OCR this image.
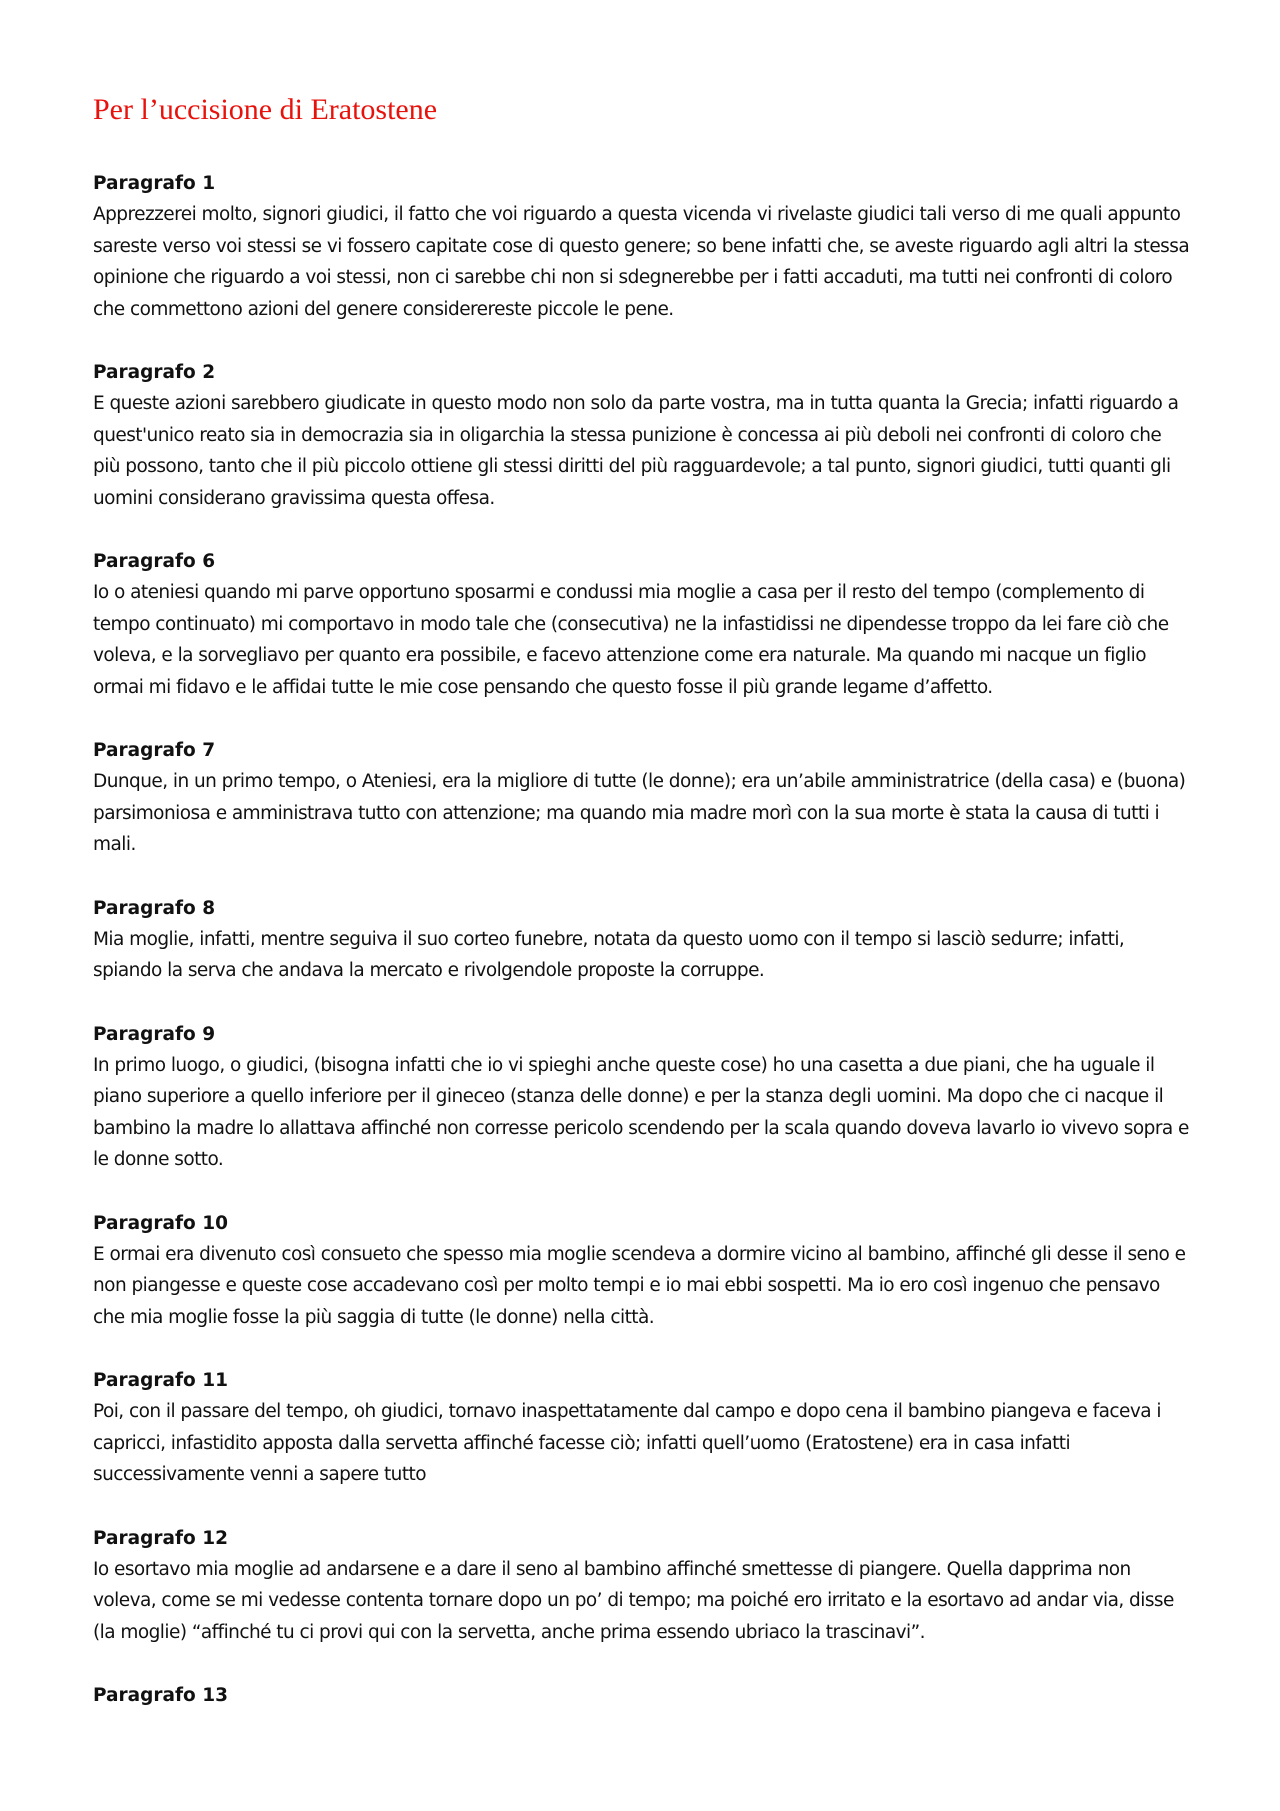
Per l’uccisione di Eratostene

Paragrafo 1

Apprezzerei molto, signori giudici, il fatto che voi riguardo a questa vicenda vi rivelaste giudici tali verso di me quali appunto sareste verso voi stessi se vi fossero capitate cose di questo genere; so bene infatti che, se aveste riguardo agli altri la stessa opinione che riguardo a voi stessi, non ci sarebbe chi non si sdegnerebbe per i fatti accaduti, ma tutti nei confronti di coloro che commettono azioni del genere considerereste piccole le pene.

Paragrafo 2

E queste azioni sarebbero giudicate in questo modo non solo da parte vostra, ma in tutta quanta la Grecia; infatti riguardo a quest'unico reato sia in democrazia sia in oligarchia la stessa punizione è concessa ai più deboli nei confronti di coloro che più possono, tanto che il più piccolo ottiene gli stessi diritti del più ragguardevole; a tal punto, signori giudici, tutti quanti gli uomini considerano gravissima questa offesa.

Paragrafo 6

Io o ateniesi quando mi parve opportuno sposarmi e condussi mia moglie a casa per il resto del tempo (complemento di tempo continuato) mi comportavo in modo tale che (consecutiva) ne la infastidissi ne dipendesse troppo da lei fare ciò che voleva, e la sorvegliavo per quanto era possibile, e facevo attenzione come era naturale. Ma quando mi nacque un figlio ormai mi fidavo e le affidai tutte le mie cose pensando che questo fosse il più grande legame d’affetto.

Paragrafo 7

Dunque, in un primo tempo, o Ateniesi, era la migliore di tutte (le donne); era un’abile amministratrice (della casa) e (buona) parsimoniosa e amministrava tutto con attenzione; ma quando mia madre morì con la sua morte è stata la causa di tutti i mali.

Paragrafo 8

Mia moglie, infatti, mentre seguiva il suo corteo funebre, notata da questo uomo con il tempo si lasciò sedurre; infatti, spiando la serva che andava la mercato e rivolgendole proposte la corruppe.

Paragrafo 9

In primo luogo, o giudici, (bisogna infatti che io vi spieghi anche queste cose) ho una casetta a due piani, che ha uguale il piano superiore a quello inferiore per il gineceo (stanza delle donne) e per la stanza degli uomini. Ma dopo che ci nacque il bambino la madre lo allattava affinché non corresse pericolo scendendo per la scala quando doveva lavarlo io vivevo sopra e le donne sotto.

Paragrafo 10

E ormai era divenuto così consueto che spesso mia moglie scendeva a dormire vicino al bambino, affinché gli desse il seno e non piangesse e queste cose accadevano così per molto tempi e io mai ebbi sospetti. Ma io ero così ingenuo che pensavo che mia moglie fosse la più saggia di tutte (le donne) nella città.

Paragrafo 11

Poi, con il passare del tempo, oh giudici, tornavo inaspettatamente dal campo e dopo cena il bambino piangeva e faceva i capricci, infastidito apposta dalla servetta affinché facesse ciò; infatti quell’uomo (Eratostene) era in casa infatti successivamente venni a sapere tutto

Paragrafo 12

Io esortavo mia moglie ad andarsene e a dare il seno al bambino affinché smettesse di piangere. Quella dapprima non voleva, come se mi vedesse contenta tornare dopo un po’ di tempo; ma poiché ero irritato e la esortavo ad andar via, disse (la moglie) “affinché tu ci provi qui con la servetta, anche prima essendo ubriaco la trascinavi”.

Paragrafo 13
